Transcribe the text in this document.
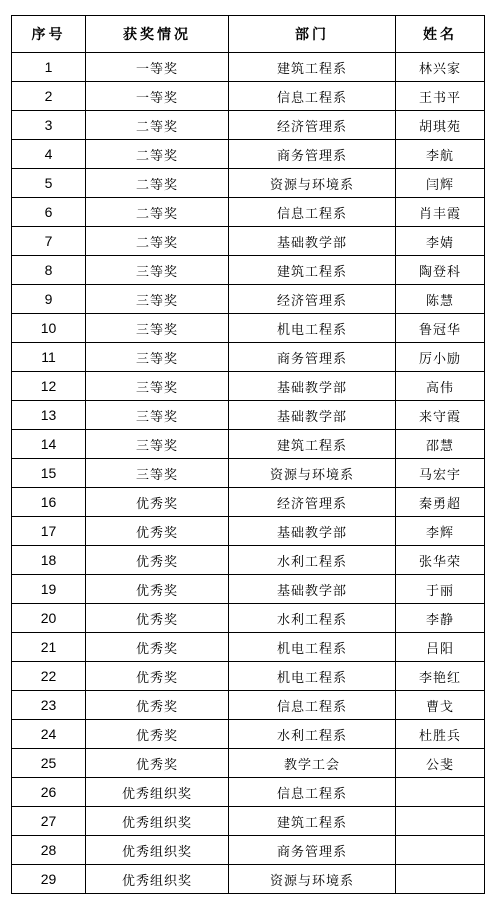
序号	获奖情况	部门	姓名
1	一等奖	建筑工程系	林兴家
2	一等奖	信息工程系	王书平
3	二等奖	经济管理系	胡琪苑
4	二等奖	商务管理系	李航
5	二等奖	资源与环境系	闫辉
6	二等奖	信息工程系	肖丰霞
7	二等奖	基础教学部	李婧
8	三等奖	建筑工程系	陶登科
9	三等奖	经济管理系	陈慧
10	三等奖	机电工程系	鲁冠华
11	三等奖	商务管理系	厉小励
12	三等奖	基础教学部	高伟
13	三等奖	基础教学部	来守霞
14	三等奖	建筑工程系	邵慧
15	三等奖	资源与环境系	马宏宇
16	优秀奖	经济管理系	秦勇超
17	优秀奖	基础教学部	李辉
18	优秀奖	水利工程系	张华荣
19	优秀奖	基础教学部	于丽
20	优秀奖	水利工程系	李静
21	优秀奖	机电工程系	吕阳
22	优秀奖	机电工程系	李艳红
23	优秀奖	信息工程系	曹戈
24	优秀奖	水利工程系	杜胜兵
25	优秀奖	教学工会	公斐
26	优秀组织奖	信息工程系	
27	优秀组织奖	建筑工程系	
28	优秀组织奖	商务管理系	
29	优秀组织奖	资源与环境系	
